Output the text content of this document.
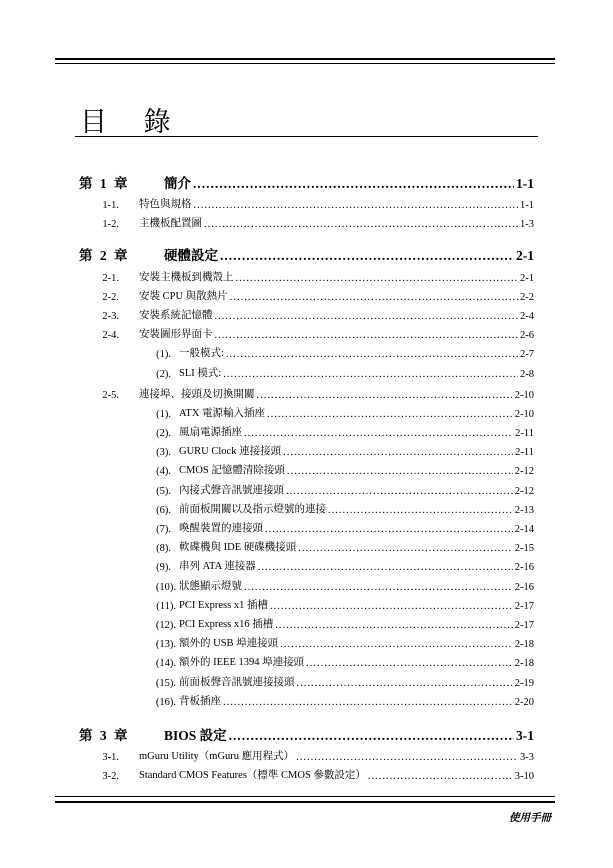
目 錄
第 1 章	簡介 .....	1-1
1-1.	特色與規格 .....	1-1
1-2.	主機板配置圖 .....	1-3
第 2 章	硬體設定 .....	2-1
2-1.	安裝主機板到機殼上 .....	2-1
2-2.	安裝 CPU 與散熱片 .....	2-2
2-3.	安裝系統記憶體 .....	2-4
2-4.	安裝圖形界面卡 .....	2-6
(1). 一般模式: .....	2-7
(2). SLI 模式: .....	2-8
2-5.	連接埠、接頭及切換開關 .....	2-10
(1). ATX 電源輸入插座 .....	2-10
(2). 風扇電源插座 .....	2-11
(3). GURU Clock 連接接頭 .....	2-11
(4). CMOS 記憶體清除接頭 .....	2-12
(5). 內接式聲音訊號連接頭 .....	2-12
(6). 前面板開關以及指示燈號的連接 .....	2-13
(7). 喚醒裝置的連接頭 .....	2-14
(8). 軟碟機與 IDE 硬碟機接頭 .....	2-15
(9). 串列 ATA 連接器 .....	2-16
(10). 狀態顯示燈號 .....	2-16
(11). PCI Express x1 插槽 .....	2-17
(12). PCI Express x16 插槽 .....	2-17
(13). 額外的 USB 埠連接頭 .....	2-18
(14). 額外的 IEEE 1394 埠連接頭 .....	2-18
(15). 前面板聲音訊號連接接頭 .....	2-19
(16). 背板插座 .....	2-20
第 3 章	BIOS 設定 .....	3-1
3-1.	mGuru Utility（mGuru 應用程式） .....	3-3
3-2.	Standard CMOS Features（標準 CMOS 參數設定） .....	3-10
使用手冊
